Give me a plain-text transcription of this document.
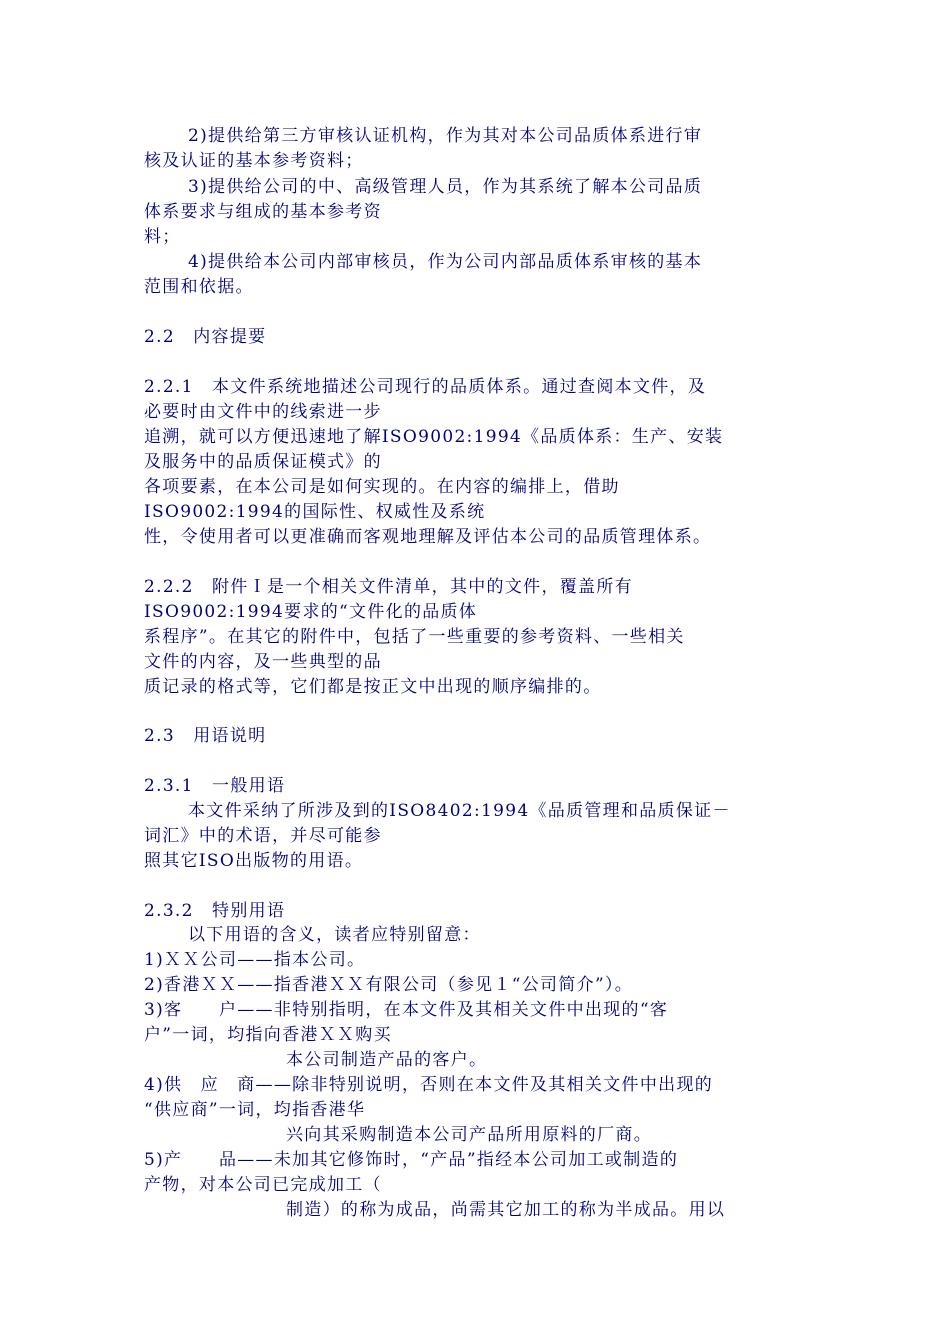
2)提供给第三方审核认证机构，作为其对本公司品质体系进行审
核及认证的基本参考资料；
3)提供给公司的中、高级管理人员，作为其系统了解本公司品质
体系要求与组成的基本参考资
料；
4)提供给本公司内部审核员，作为公司内部品质体系审核的基本
范围和依据。
2.2　内容提要
2.2.1　本文件系统地描述公司现行的品质体系。通过查阅本文件，及
必要时由文件中的线索进一步
追溯，就可以方便迅速地了解ISO9002:1994《品质体系：生产、安装
及服务中的品质保证模式》的
各项要素，在本公司是如何实现的。在内容的编排上，借助
ISO9002:1994的国际性、权威性及系统
性，令使用者可以更准确而客观地理解及评估本公司的品质管理体系。
2.2.2　附件Ｉ是一个相关文件清单，其中的文件，覆盖所有
ISO9002:1994要求的“文件化的品质体
系程序”。在其它的附件中，包括了一些重要的参考资料、一些相关
文件的内容，及一些典型的品
质记录的格式等，它们都是按正文中出现的顺序编排的。
2.3　用语说明
2.3.1　一般用语
本文件采纳了所涉及到的ISO8402:1994《品质管理和品质保证－
词汇》中的术语，并尽可能参
照其它ISO出版物的用语。
2.3.2　特别用语
以下用语的含义，读者应特别留意：
1)ＸＸ公司——指本公司。
2)香港ＸＸ——指香港ＸＸ有限公司（参见１“公司简介”）。
3)客　　户——非特别指明，在本文件及其相关文件中出现的“客
户”一词，均指向香港ＸＸ购买
本公司制造产品的客户。
4)供　应　商——除非特别说明，否则在本文件及其相关文件中出现的
“供应商”一词，均指香港华
兴向其采购制造本公司产品所用原料的厂商。
5)产　　品——未加其它修饰时，“产品”指经本公司加工或制造的
产物，对本公司已完成加工（
制造）的称为成品，尚需其它加工的称为半成品。用以
